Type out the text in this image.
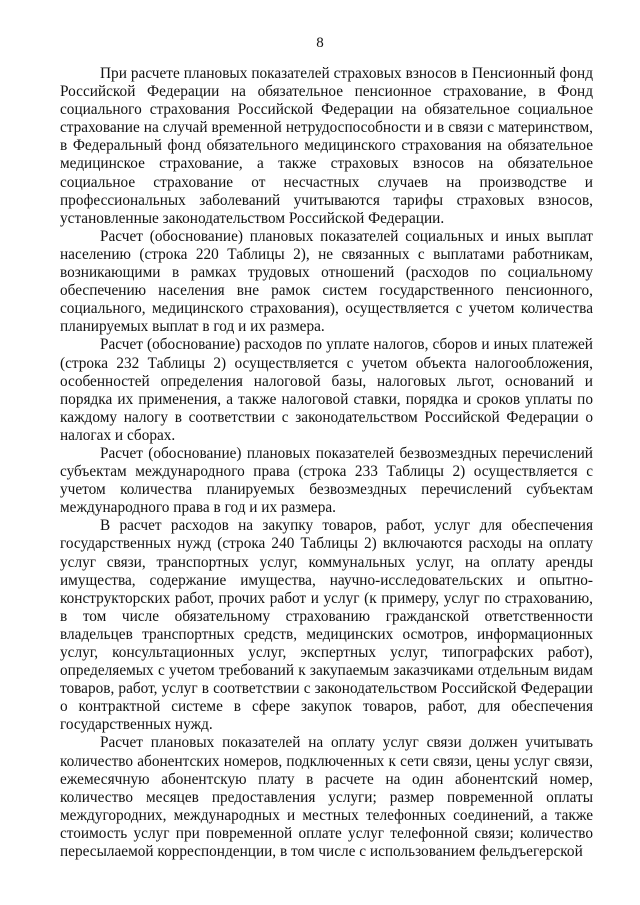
8

При расчете плановых показателей страховых взносов в Пенсионный фонд Российской Федерации на обязательное пенсионное страхование, в Фонд социального страхования Российской Федерации на обязательное социальное страхование на случай временной нетрудоспособности и в связи с материнством, в Федеральный фонд обязательного медицинского страхования на обязательное медицинское страхование, а также страховых взносов на обязательное социальное страхование от несчастных случаев на производстве и профессиональных заболеваний учитываются тарифы страховых взносов, установленные законодательством Российской Федерации.

Расчет (обоснование) плановых показателей социальных и иных выплат населению (строка 220 Таблицы 2), не связанных с выплатами работникам, возникающими в рамках трудовых отношений (расходов по социальному обеспечению населения вне рамок систем государственного пенсионного, социального, медицинского страхования), осуществляется с учетом количества планируемых выплат в год и их размера.

Расчет (обоснование) расходов по уплате налогов, сборов и иных платежей (строка 232 Таблицы 2) осуществляется с учетом объекта налогообложения, особенностей определения налоговой базы, налоговых льгот, оснований и порядка их применения, а также налоговой ставки, порядка и сроков уплаты по каждому налогу в соответствии с законодательством Российской Федерации о налогах и сборах.

Расчет (обоснование) плановых показателей безвозмездных перечислений субъектам международного права (строка 233 Таблицы 2) осуществляется с учетом количества планируемых безвозмездных перечислений субъектам международного права в год и их размера.

В расчет расходов на закупку товаров, работ, услуг для обеспечения государственных нужд (строка 240 Таблицы 2) включаются расходы на оплату услуг связи, транспортных услуг, коммунальных услуг, на оплату аренды имущества, содержание имущества, научно-исследовательских и опытно-конструкторских работ, прочих работ и услуг (к примеру, услуг по страхованию, в том числе обязательному страхованию гражданской ответственности владельцев транспортных средств, медицинских осмотров, информационных услуг, консультационных услуг, экспертных услуг, типографских работ), определяемых с учетом требований к закупаемым заказчиками отдельным видам товаров, работ, услуг в соответствии с законодательством Российской Федерации о контрактной системе в сфере закупок товаров, работ, для обеспечения государственных нужд.

Расчет плановых показателей на оплату услуг связи должен учитывать количество абонентских номеров, подключенных к сети связи, цены услуг связи, ежемесячную абонентскую плату в расчете на один абонентский номер, количество месяцев предоставления услуги; размер повременной оплаты междугородних, международных и местных телефонных соединений, а также стоимость услуг при повременной оплате услуг телефонной связи; количество пересылаемой корреспонденции, в том числе с использованием фельдъегерской
